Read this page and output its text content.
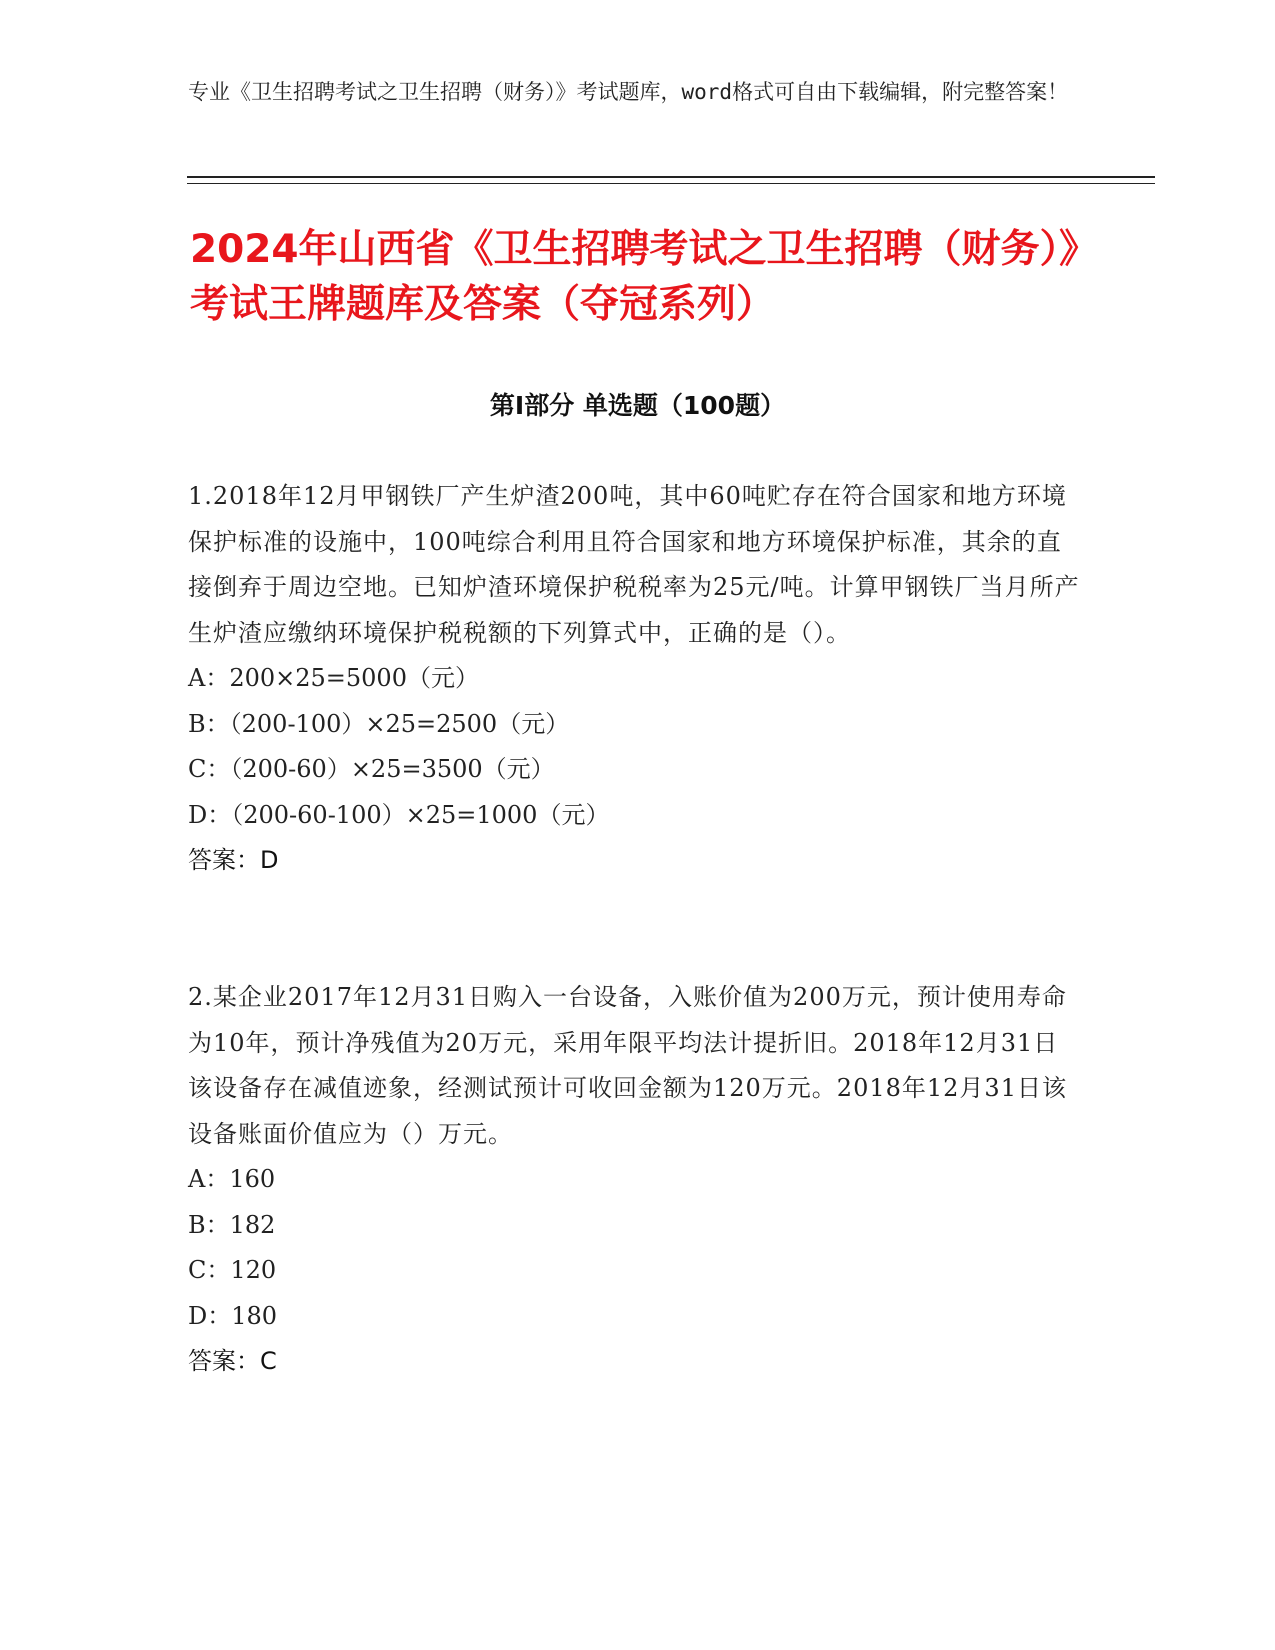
专业《卫生招聘考试之卫生招聘（财务）》考试题库，word格式可自由下载编辑，附完整答案！
2024年山西省《卫生招聘考试之卫生招聘（财务）》考试王牌题库及答案（夺冠系列）
第Ⅰ部分 单选题（100题）
1.2018年12月甲钢铁厂产生炉渣200吨，其中60吨贮存在符合国家和地方环境保护标准的设施中，100吨综合利用且符合国家和地方环境保护标准，其余的直接倒弃于周边空地。已知炉渣环境保护税税率为25元/吨。计算甲钢铁厂当月所产生炉渣应缴纳环境保护税税额的下列算式中，正确的是（）。
A：200×25=5000（元）
B：（200-100）×25=2500（元）
C：（200-60）×25=3500（元）
D：（200-60-100）×25=1000（元）
答案：D
2.某企业2017年12月31日购入一台设备，入账价值为200万元，预计使用寿命为10年，预计净残值为20万元，采用年限平均法计提折旧。2018年12月31日该设备存在减值迹象，经测试预计可收回金额为120万元。2018年12月31日该设备账面价值应为（）万元。
A：160
B：182
C：120
D：180
答案：C
